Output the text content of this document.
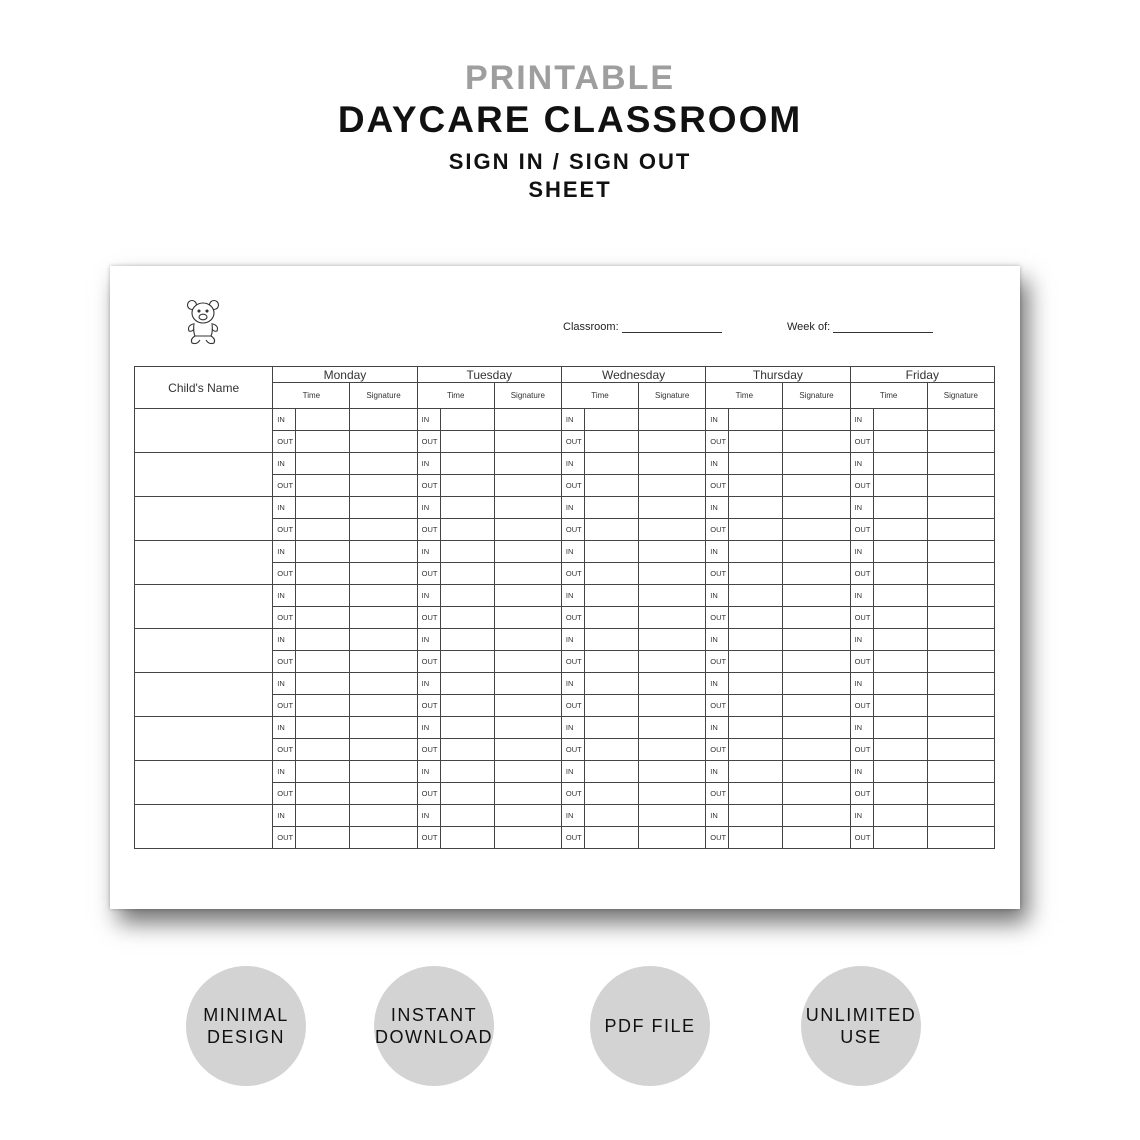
PRINTABLE
DAYCARE CLASSROOM
SIGN IN / SIGN OUT
SHEET
Classroom:	Week of:
Child's Name	Monday			Tuesday			Wednesday			Thursday			Friday		
	Time		Signature	Time		Signature	Time		Signature	Time		Signature	Time		Signature
	IN			IN			IN			IN			IN		
	OUT			OUT			OUT			OUT			OUT		
	IN			IN			IN			IN			IN		
	OUT			OUT			OUT			OUT			OUT		
	IN			IN			IN			IN			IN		
	OUT			OUT			OUT			OUT			OUT		
	IN			IN			IN			IN			IN		
	OUT			OUT			OUT			OUT			OUT		
	IN			IN			IN			IN			IN		
	OUT			OUT			OUT			OUT			OUT		
	IN			IN			IN			IN			IN		
	OUT			OUT			OUT			OUT			OUT		
	IN			IN			IN			IN			IN		
	OUT			OUT			OUT			OUT			OUT		
	IN			IN			IN			IN			IN		
	OUT			OUT			OUT			OUT			OUT		
	IN			IN			IN			IN			IN		
	OUT			OUT			OUT			OUT			OUT		
	IN			IN			IN			IN			IN		
	OUT			OUT			OUT			OUT			OUT		
MINIMAL
DESIGN
INSTANT
DOWNLOAD
PDF FILE
UNLIMITED
USE
